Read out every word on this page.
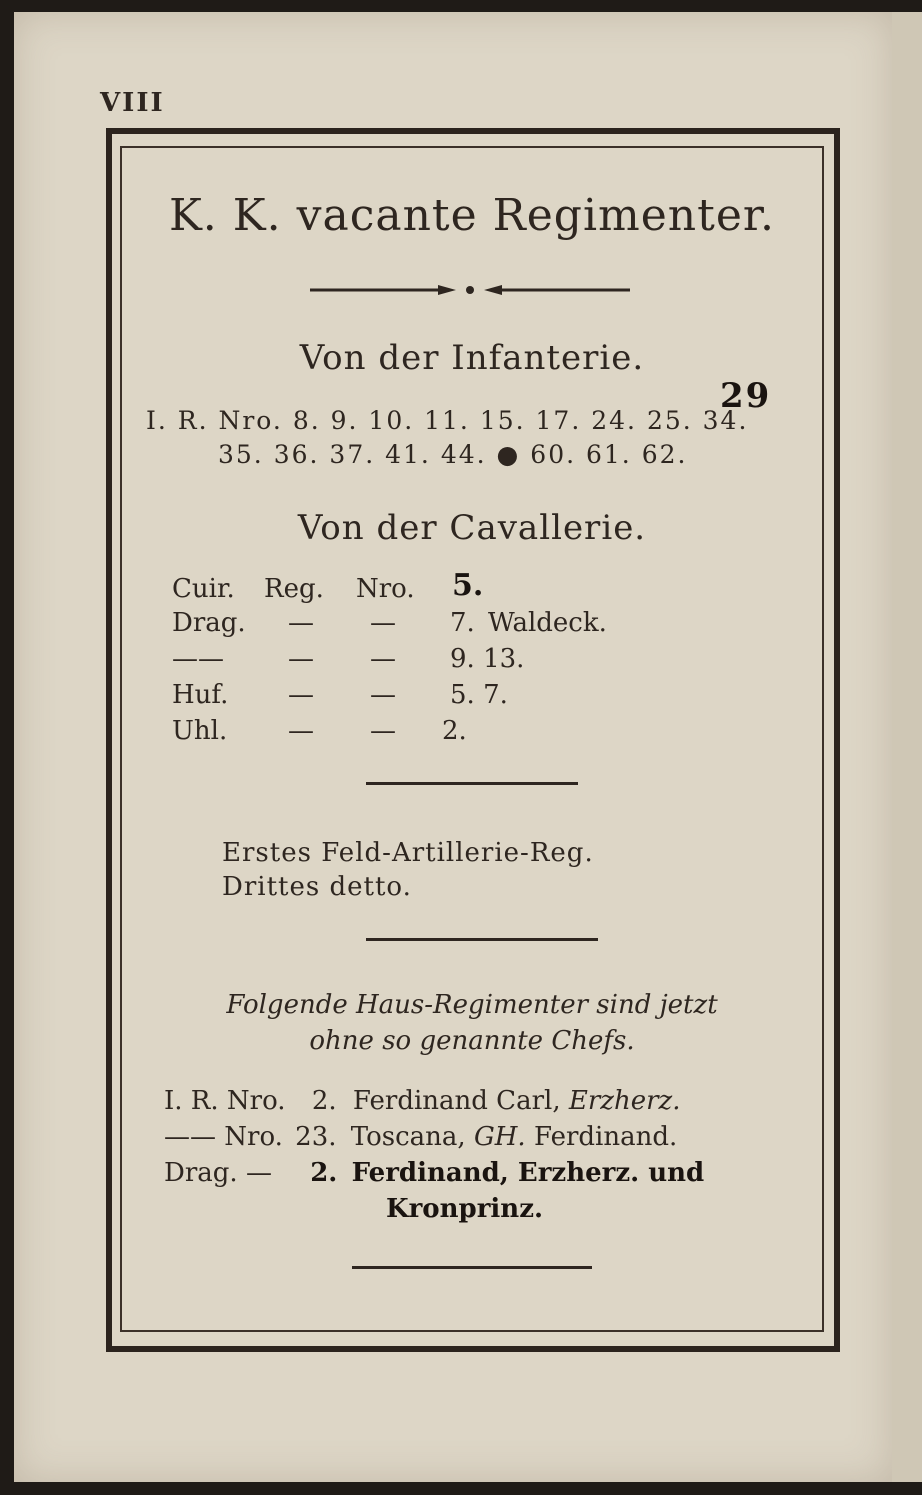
VIII
K. K. vacante Regimenter.
Von der Infanterie.
I. R. Nro. 8. 9. 10. 11. 15. 17. 24. 25. 34.
29
35. 36. 37. 41. 44. ● 60. 61. 62.
Von der Cavallerie.
Cuir. Reg. Nro. 5.
Drag. — — 7. Waldeck.
—— — — 9. 13.
Huf. — — 5. 7.
Uhl. — — 2.
Erstes Feld-Artillerie-Reg.
Drittes detto.
Folgende Haus-Regimenter sind jetzt
ohne so genannte Chefs.
I. R. Nro. 2. Ferdinand Carl, Erzherz.
—— Nro. 23. Toscana, GH. Ferdinand.
Drag. — 2. Ferdinand, Erzherz. und
Kronprinz.
